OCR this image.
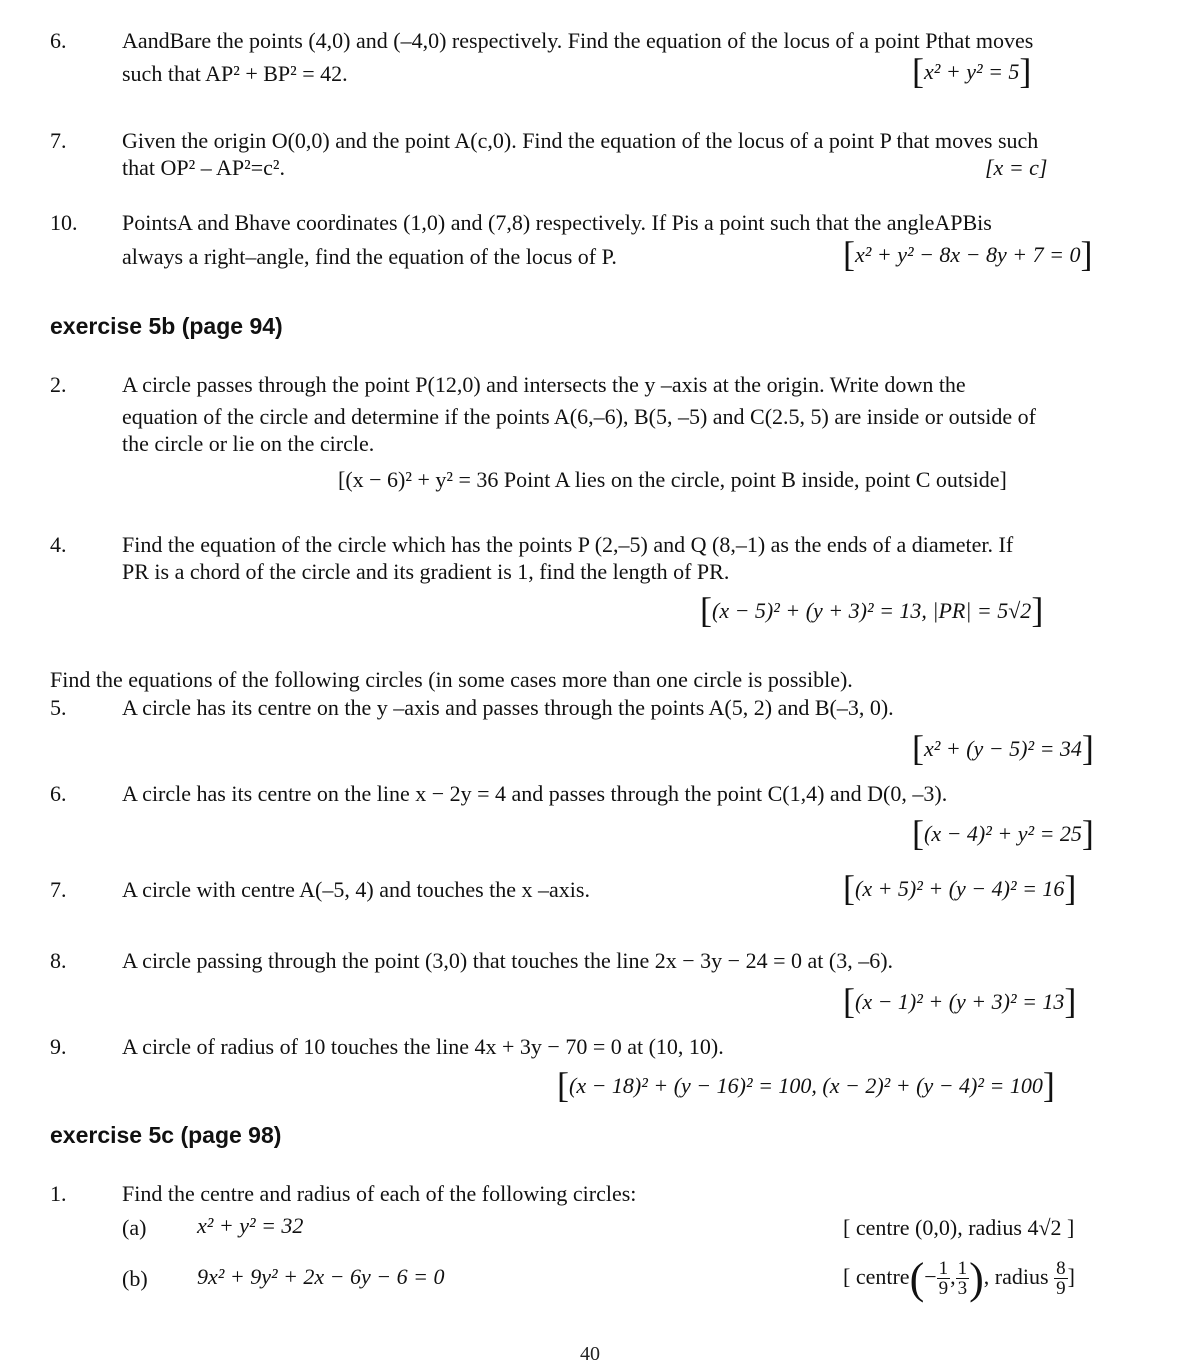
6.	AandBare the points (4,0) and (–4,0) respectively. Find the equation of the locus of a point Pthat moves
such that AP² + BP² = 42.	[x² + y² = 5]
7.	Given the origin O(0,0) and the point A(c,0). Find the equation of the locus of a point P that moves such
that OP² – AP²=c².	[x = c]
10. PointsA and Bhave coordinates (1,0) and (7,8) respectively. If Pis a point such that the angleAPBis
always a right–angle, find the equation of the locus of P.	[x² + y² − 8x − 8y + 7 = 0]
exercise 5b (page 94)
2.	A circle passes through the point P(12,0) and intersects the y –axis at the origin. Write down the
equation of the circle and determine if the points A(6,–6), B(5, –5) and C(2.5, 5) are inside or outside of
the circle or lie on the circle.
[(x − 6)² + y² = 36 Point A lies on the circle, point B inside, point C outside]
4.	Find the equation of the circle which has the points P (2,–5) and Q (8,–1) as the ends of a diameter. If
PR is a chord of the circle and its gradient is 1, find the length of PR.
[(x − 5)² + (y + 3)² = 13, |PR| = 5√2]
Find the equations of the following circles (in some cases more than one circle is possible).
5.	A circle has its centre on the y –axis and passes through the points A(5, 2) and B(–3, 0).
[x² + (y − 5)² = 34]
6.	A circle has its centre on the line x − 2y = 4 and passes through the point C(1,4) and D(0, –3).
[(x − 4)² + y² = 25]
7.	A circle with centre A(–5, 4) and touches the x –axis.	[(x + 5)² + (y − 4)² = 16]
8.	A circle passing through the point (3,0) that touches the line 2x − 3y − 24 = 0 at (3, –6).
[(x − 1)² + (y + 3)² = 13]
9.	A circle of radius of 10 touches the line 4x + 3y − 70 = 0 at (10, 10).
[(x − 18)² + (y − 16)² = 100, (x − 2)² + (y − 4)² = 100]
exercise 5c (page 98)
1.	Find the centre and radius of each of the following circles:
(a) x² + y² = 32	[ centre (0,0), radius 4√2 ]
(b) 9x² + 9y² + 2x − 6y − 6 = 0	[ centre(− $\frac{1}{9}$ , $\frac{1}{3}$ ), radius $\frac{8}{9}$ ]
40
